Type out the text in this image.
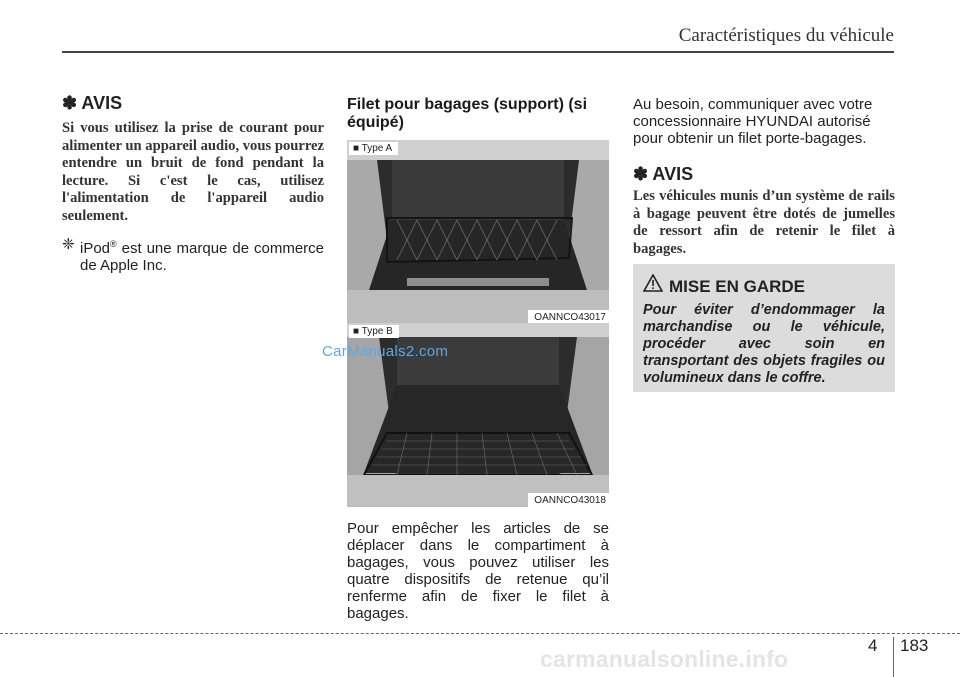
Caractéristiques du véhicule
✽ AVIS
Si vous utilisez la prise de courant pour alimenter un appareil audio, vous pourrez entendre un bruit de fond pendant la lecture. Si c'est le cas, utilisez l'alimentation de l'appareil audio seulement.
❈ iPod® est une marque de commerce de Apple Inc.
Filet pour bagages (support) (si équipé)
■ Type A
OANNCO43017
■ Type B
OANNCO43018
Pour empêcher les articles de se déplacer dans le compartiment à bagages, vous pouvez utiliser les quatre dispositifs de retenue qu’il renferme afin de fixer le filet à bagages.
Au besoin, communiquer avec votre concessionnaire HYUNDAI autorisé pour obtenir un filet porte-bagages.
✽ AVIS
Les véhicules munis d’un système de rails à bagage peuvent être dotés de jumelles de ressort afin de retenir le filet à bagages.
MISE EN GARDE
Pour éviter d’endommager la marchandise ou le véhicule, procéder avec soin en transportant des objets fragiles ou volumineux dans le coffre.
CarManuals2.com
carmanualsonline.info
4 183
